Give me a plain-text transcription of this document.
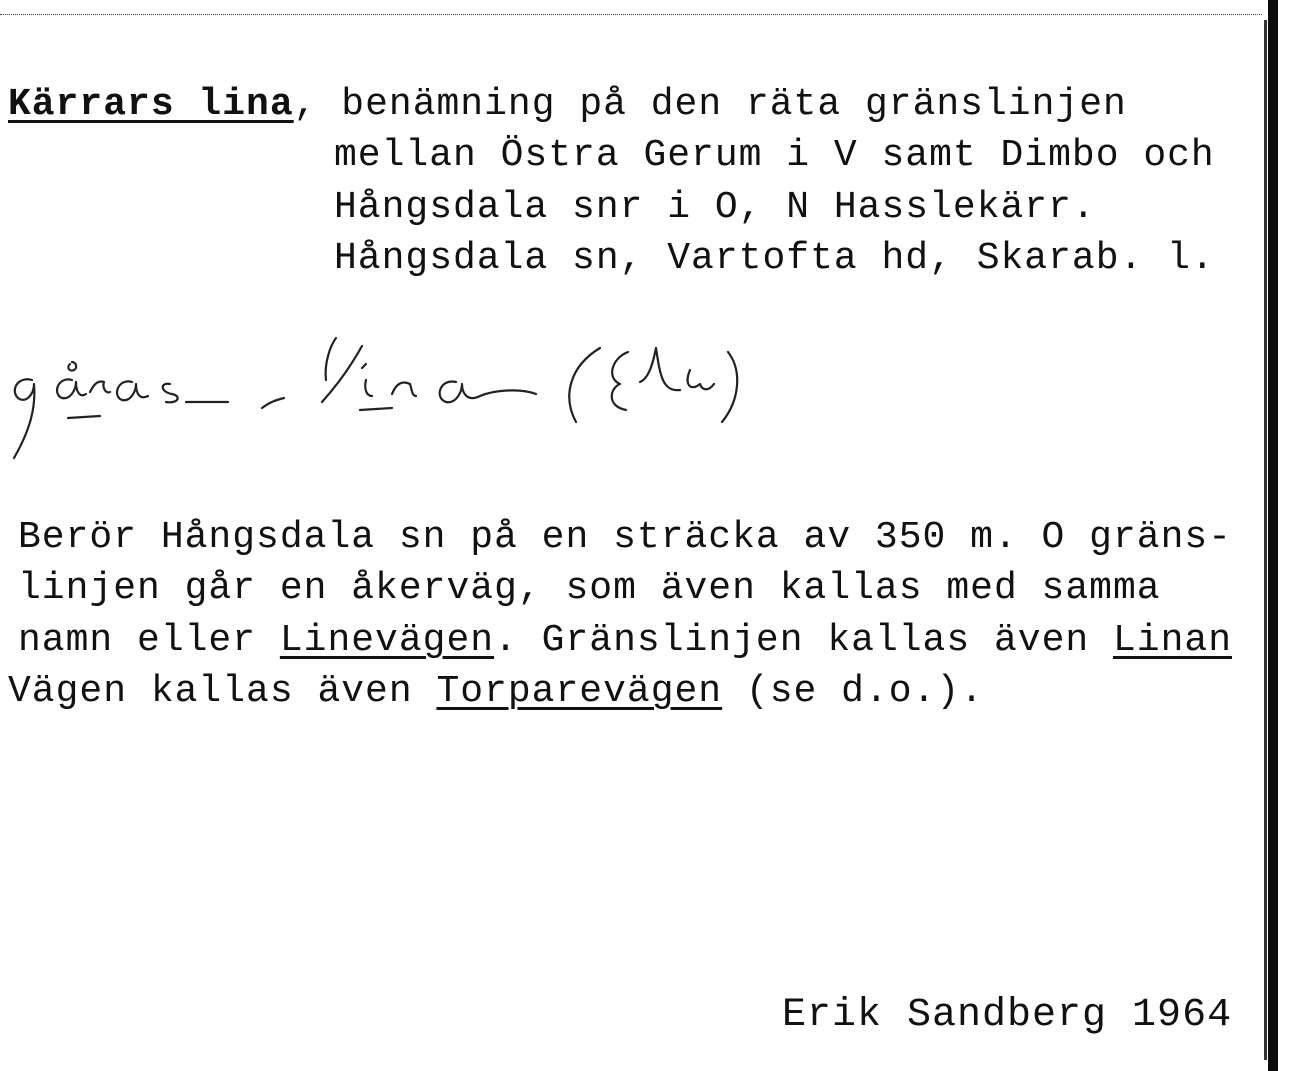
Kärrars lina, benämning på den räta gränslinjen

mellan Östra Gerum i V samt Dimbo och

Hångsdala snr i O, N Hasslekärr.

Hångsdala sn, Vartofta hd, Skarab. l.

Berör Hångsdala sn på en sträcka av 350 m. O gräns-

linjen går en åkerväg, som även kallas med samma

namn eller Linevägen. Gränslinjen kallas även Linan

Vägen kallas även Torparevägen (se d.o.).

Erik Sandberg 1964
